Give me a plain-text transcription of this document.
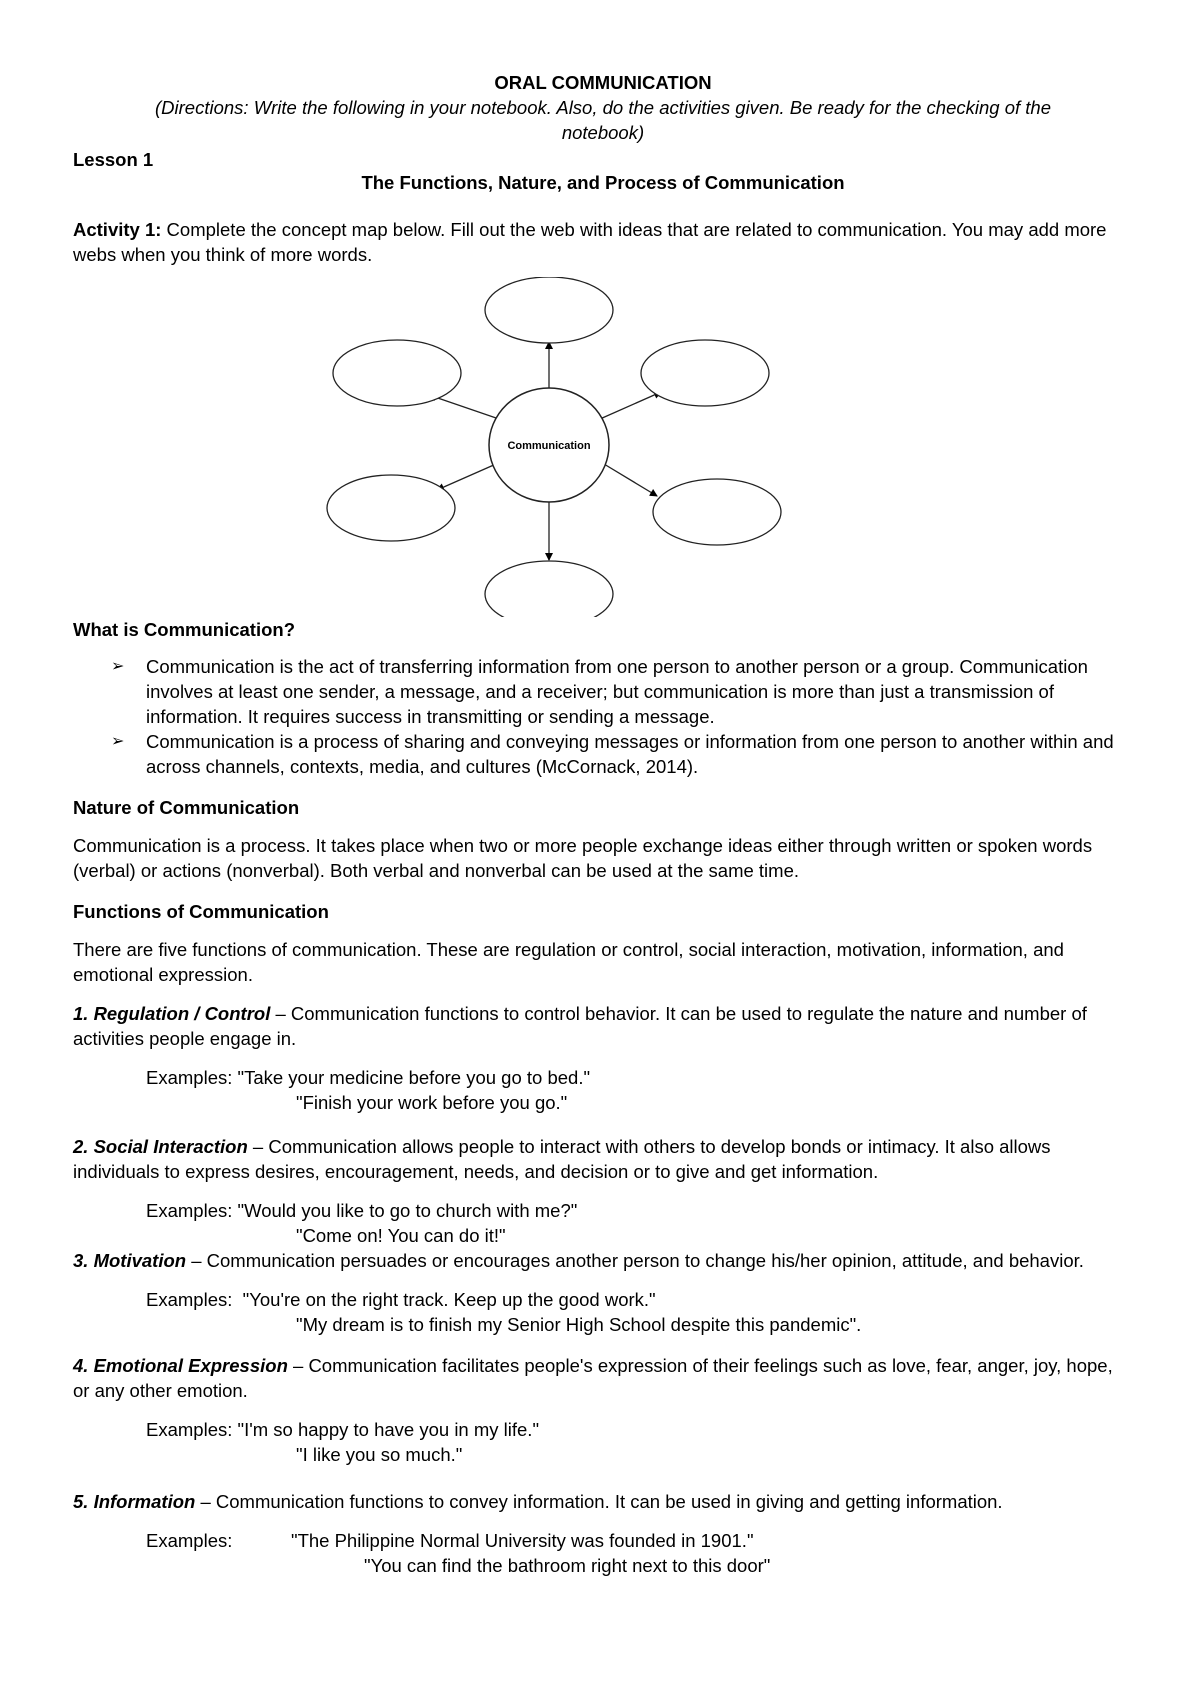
ORAL COMMUNICATION
(Directions: Write the following in your notebook. Also, do the activities given. Be ready for the checking of the notebook)
Lesson 1
The Functions, Nature, and Process of Communication
Activity 1: Complete the concept map below. Fill out the web with ideas that are related to communication. You may add more webs when you think of more words.
Communication
What is Communication?
➢ Communication is the act of transferring information from one person to another person or a group. Communication involves at least one sender, a message, and a receiver; but communication is more than just a transmission of information. It requires success in transmitting or sending a message.
➢ Communication is a process of sharing and conveying messages or information from one person to another within and across channels, contexts, media, and cultures (McCornack, 2014).
Nature of Communication
Communication is a process. It takes place when two or more people exchange ideas either through written or spoken words (verbal) or actions (nonverbal). Both verbal and nonverbal can be used at the same time.
Functions of Communication
There are five functions of communication. These are regulation or control, social interaction, motivation, information, and emotional expression.
1. Regulation / Control – Communication functions to control behavior. It can be used to regulate the nature and number of activities people engage in.
Examples: "Take your medicine before you go to bed."
"Finish your work before you go."
2. Social Interaction – Communication allows people to interact with others to develop bonds or intimacy. It also allows individuals to express desires, encouragement, needs, and decision or to give and get information.
Examples: "Would you like to go to church with me?"
"Come on! You can do it!"
3. Motivation – Communication persuades or encourages another person to change his/her opinion, attitude, and behavior.
Examples:  "You're on the right track. Keep up the good work."
"My dream is to finish my Senior High School despite this pandemic".
4. Emotional Expression – Communication facilitates people's expression of their feelings such as love, fear, anger, joy, hope, or any other emotion.
Examples: "I'm so happy to have you in my life."
"I like you so much."
5. Information – Communication functions to convey information. It can be used in giving and getting information.
Examples:	"The Philippine Normal University was founded in 1901."
"You can find the bathroom right next to this door"
